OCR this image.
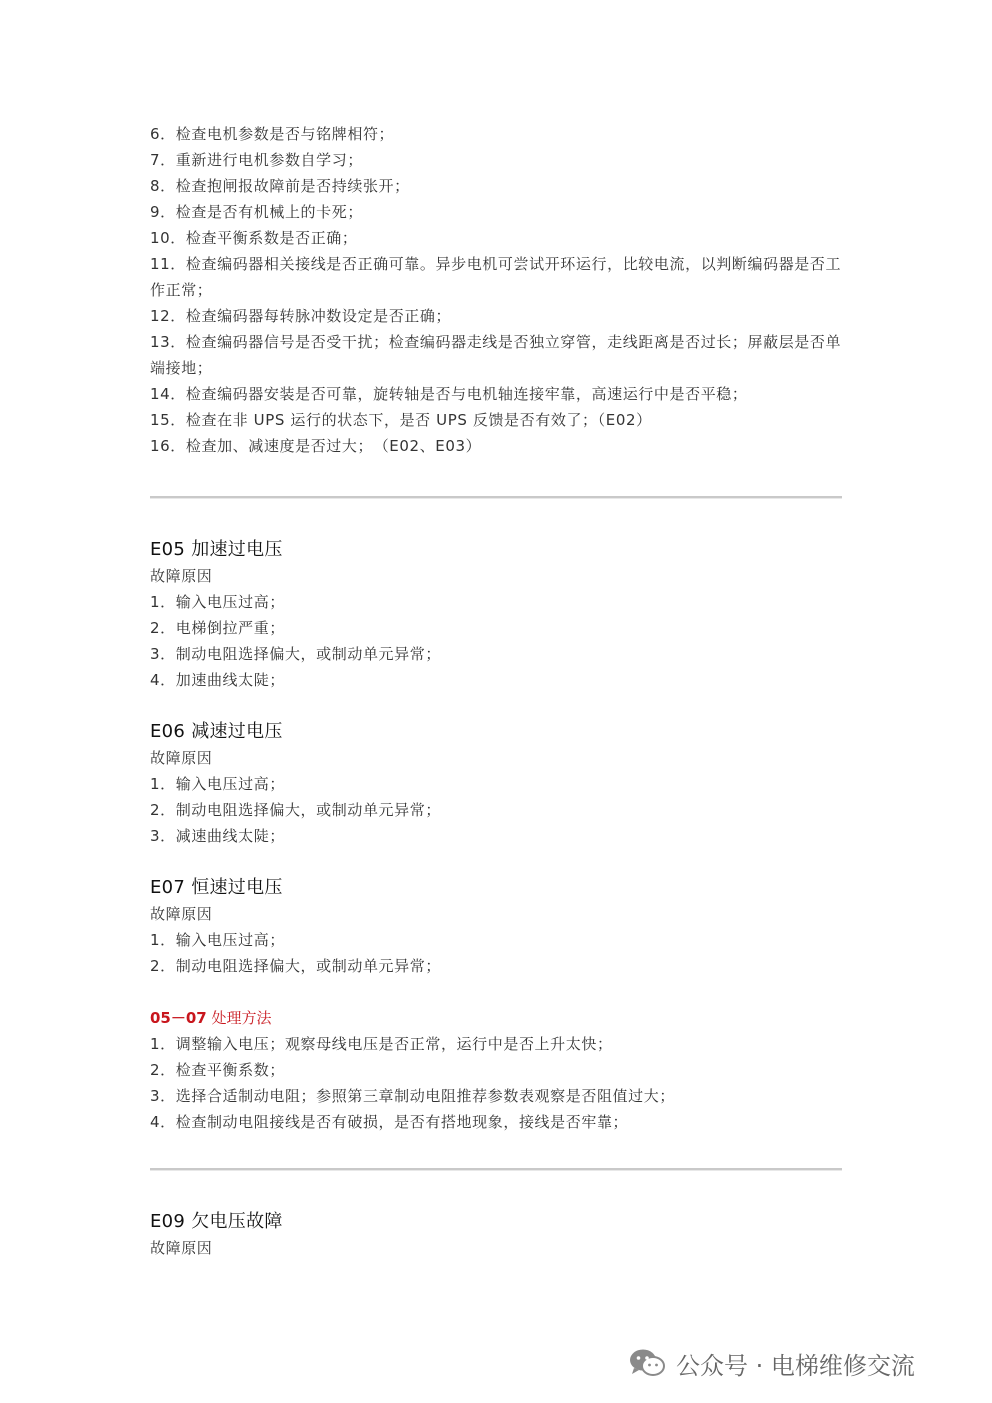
6．检查电机参数是否与铭牌相符；

7．重新进行电机参数自学习；

8．检查抱闸报故障前是否持续张开；

9．检查是否有机械上的卡死；

10．检查平衡系数是否正确；

11．检查编码器相关接线是否正确可靠。异步电机可尝试开环运行，比较电流，以判断编码器是否工作正常；

12．检查编码器每转脉冲数设定是否正确；

13．检查编码器信号是否受干扰；检查编码器走线是否独立穿管，走线距离是否过长；屏蔽层是否单端接地；

14．检查编码器安装是否可靠，旋转轴是否与电机轴连接牢靠，高速运行中是否平稳；

15．检查在非 UPS 运行的状态下，是否 UPS 反馈是否有效了；（E02）

16．检查加、减速度是否过大；　（E02、E03）

E05 加速过电压

故障原因

1．输入电压过高；

2．电梯倒拉严重；

3．制动电阻选择偏大，或制动单元异常；

4．加速曲线太陡；

E06 减速过电压

故障原因

1．输入电压过高；

2．制动电阻选择偏大，或制动单元异常；

3．减速曲线太陡；

E07 恒速过电压

故障原因

1．输入电压过高；

2．制动电阻选择偏大，或制动单元异常；

05－07 处理方法

1．调整输入电压；观察母线电压是否正常，运行中是否上升太快；

2．检查平衡系数；

3．选择合适制动电阻；参照第三章制动电阻推荐参数表观察是否阻值过大；

4．检查制动电阻接线是否有破损，是否有搭地现象，接线是否牢靠；

E09 欠电压故障

故障原因

公众号 · 电梯维修交流
